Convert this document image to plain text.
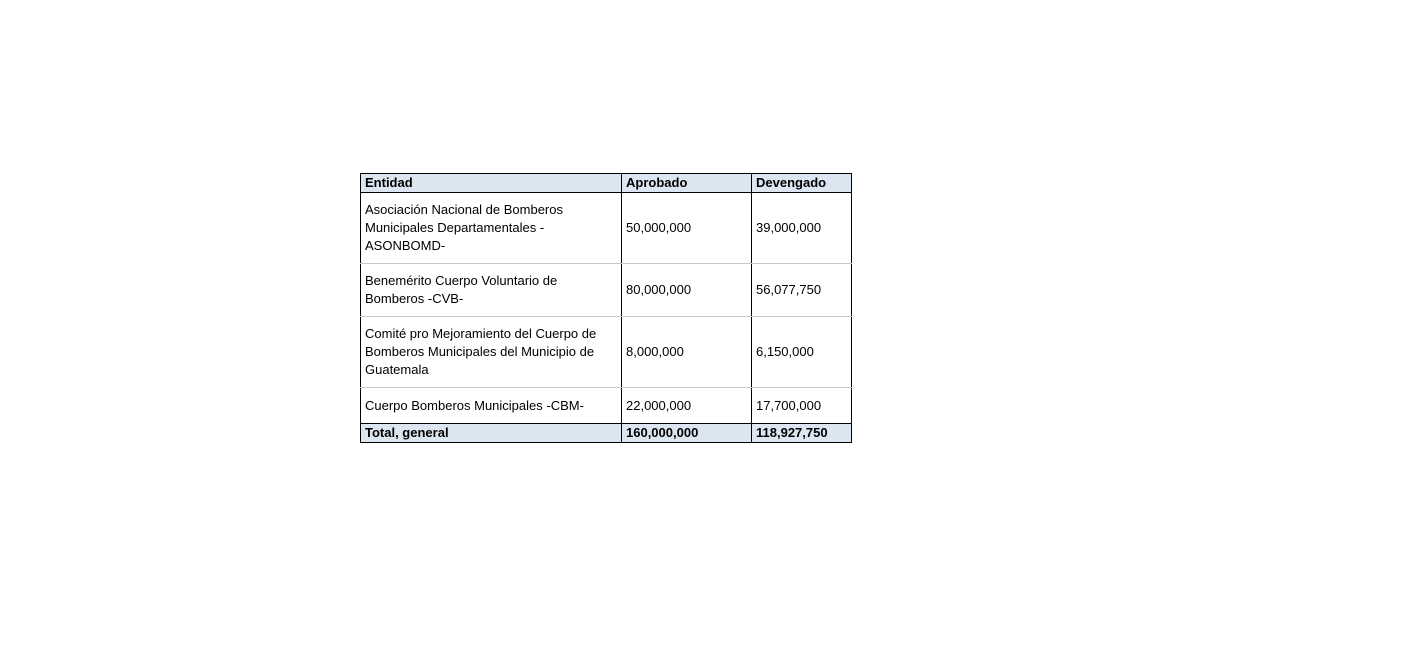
Entidad	Aprobado	Devengado
Asociación Nacional de Bomberos Municipales Departamentales -ASONBOMD-	50,000,000	39,000,000
Benemérito Cuerpo Voluntario de Bomberos -CVB-	80,000,000	56,077,750
Comité pro Mejoramiento del Cuerpo de Bomberos Municipales del Municipio de Guatemala	8,000,000	6,150,000
Cuerpo Bomberos Municipales -CBM-	22,000,000	17,700,000
Total, general	160,000,000	118,927,750
